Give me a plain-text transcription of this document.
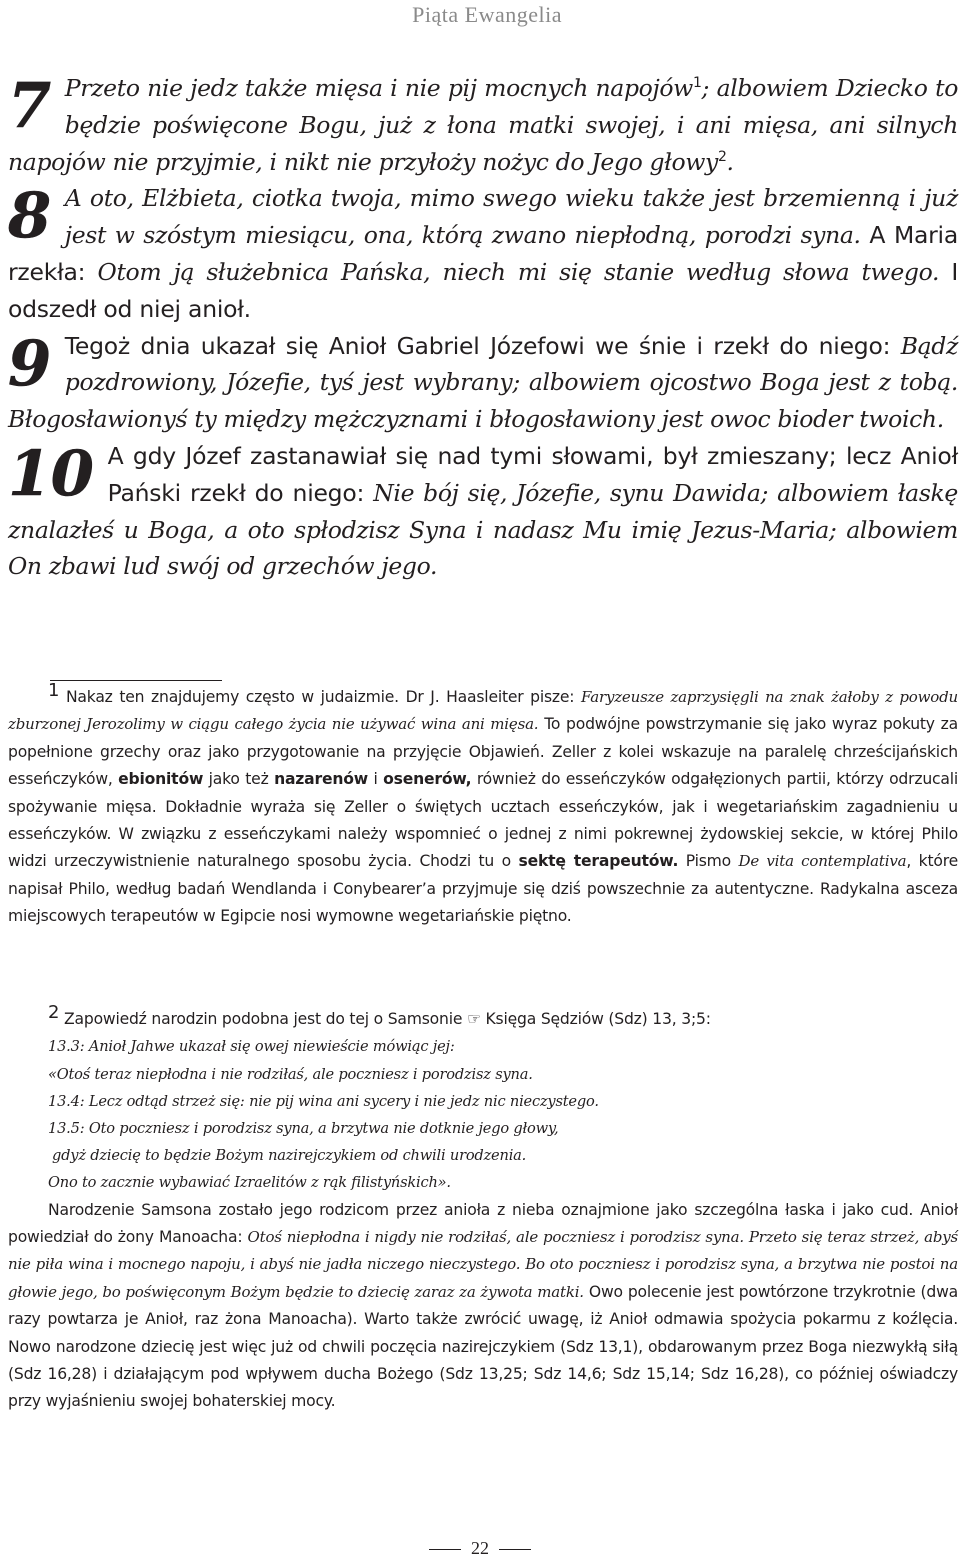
Piąta Ewangelia

7 Przeto nie jedz także mięsa i nie pij mocnych napojów$^1$; albowiem Dziecko to będzie poświęcone Bogu, już z łona matki swojej, i ani mięsa, ani silnych napojów nie przyjmie, i nikt nie przyłoży nożyc do Jego głowy$^2$.

8 A oto, Elżbieta, ciotka twoja, mimo swego wieku także jest brzemienną i już jest w szóstym miesiącu, ona, którą zwano niepłodną, porodzi syna. A Maria rzekła: Otom ją służebnica Pańska, niech mi się stanie według słowa twego. I odszedł od niej anioł.

9 Tegoż dnia ukazał się Anioł Gabriel Józefowi we śnie i rzekł do niego: Bądź pozdrowiony, Józefie, tyś jest wybrany; albowiem ojcostwo Boga jest z tobą. Błogosławionyś ty między mężczyznami i błogosławiony jest owoc bioder twoich.

10 A gdy Józef zastanawiał się nad tymi słowami, był zmieszany; lecz Anioł Pański rzekł do niego: Nie bój się, Józefie, synu Dawida; albowiem łaskę znalazłeś u Boga, a oto spłodzisz Syna i nadasz Mu imię Jezus-Maria; albowiem On zbawi lud swój od grzechów jego.

$^1$ Nakaz ten znajdujemy często w judaizmie. Dr J. Haasleiter pisze: Faryzeusze zaprzysięgli na znak żałoby z powodu zburzonej Jerozolimy w ciągu całego życia nie używać wina ani mięsa. To podwójne powstrzymanie się jako wyraz pokuty za popełnione grzechy oraz jako przygotowanie na przyjęcie Objawień. Zeller z kolei wskazuje na paralelę chrześcijańskich esseńczyków, ebionitów jako też nazarenów i osenerów, również do esseńczyków odgałęzionych partii, którzy odrzucali spożywanie mięsa. Dokładnie wyraża się Zeller o świętych ucztach esseńczyków, jak i wegetariańskim zagadnieniu u esseńczyków. W związku z esseńczykami należy wspomnieć o jednej z nimi pokrewnej żydowskiej sekcie, w której Philo widzi urzeczywistnienie naturalnego sposobu życia. Chodzi tu o sektę terapeutów. Pismo De vita contemplativa, które napisał Philo, według badań Wendlanda i Conybearer’a przyjmuje się dziś powszechnie za autentyczne. Radykalna asceza miejscowych terapeutów w Egipcie nosi wymowne wegetariańskie piętno.

$^2$ Zapowiedź narodzin podobna jest do tej o Samsonie ☞ Księga Sędziów (Sdz) 13, 3;5:

13.3: Anioł Jahwe ukazał się owej niewieście mówiąc jej:
«Otoś teraz niepłodna i nie rodziłaś, ale poczniesz i porodzisz syna.
13.4: Lecz odtąd strzeż się: nie pij wina ani sycery i nie jedz nic nieczystego.
13.5: Oto poczniesz i porodzisz syna, a brzytwa nie dotknie jego głowy,
gdyż dziecię to będzie Bożym nazirejczykiem od chwili urodzenia.
Ono to zacznie wybawiać Izraelitów z rąk filistyńskich».

Narodzenie Samsona zostało jego rodzicom przez anioła z nieba oznajmione jako szczególna łaska i jako cud. Anioł powiedział do żony Manoacha: Otoś niepłodna i nigdy nie rodziłaś, ale poczniesz i porodzisz syna. Przeto się teraz strzeż, abyś nie piła wina i mocnego napoju, i abyś nie jadła niczego nieczystego. Bo oto poczniesz i porodzisz syna, a brzytwa nie postoi na głowie jego, bo poświęconym Bożym będzie to dziecię zaraz za żywota matki. Owo polecenie jest powtórzone trzykrotnie (dwa razy powtarza je Anioł, raz żona Manoacha). Warto także zwrócić uwagę, iż Anioł odmawia spożycia pokarmu z koźlęcia. Nowo narodzone dziecię jest więc już od chwili poczęcia nazirejczykiem (Sdz 13,1), obdarowanym przez Boga niezwykłą siłą (Sdz 16,28) i działającym pod wpływem ducha Bożego (Sdz 13,25; Sdz 14,6; Sdz 15,14; Sdz 16,28), co później oświadczy przy wyjaśnieniu swojej bohaterskiej mocy.

22
